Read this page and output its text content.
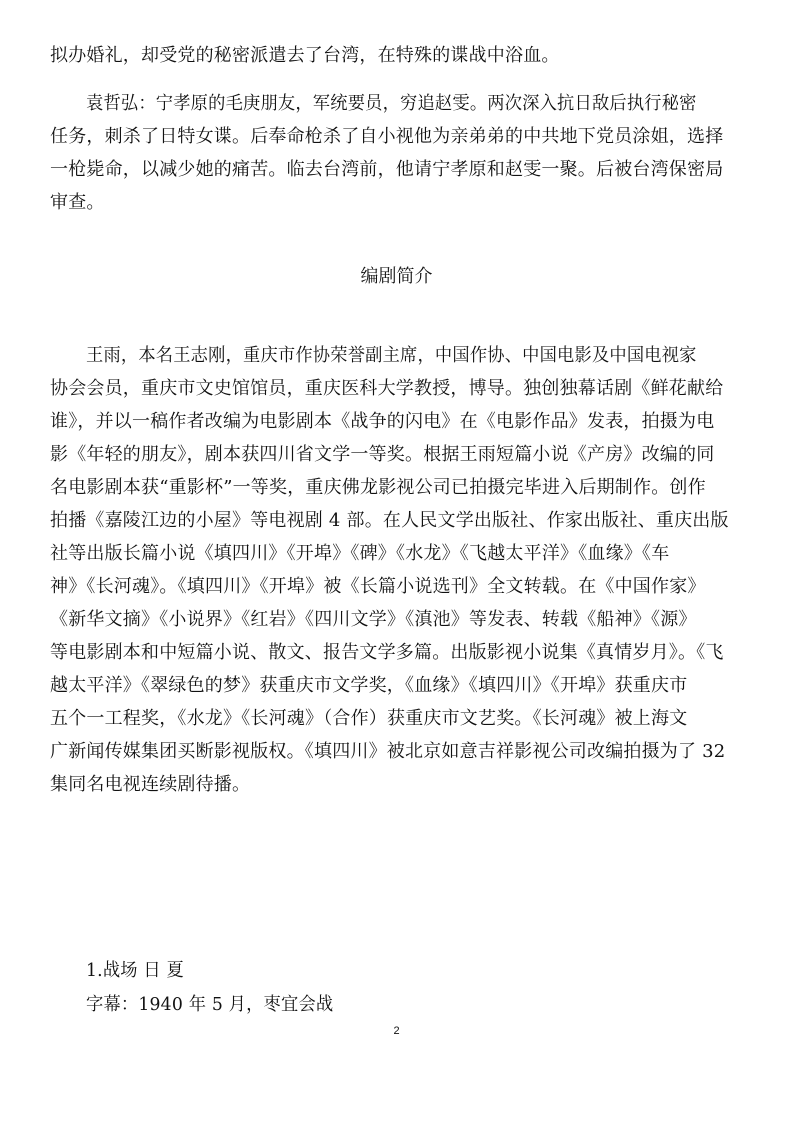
拟办婚礼，却受党的秘密派遣去了台湾，在特殊的谍战中浴血。
袁哲弘：宁孝原的毛庚朋友，军统要员，穷追赵雯。两次深入抗日敌后执行秘密
任务，刺杀了日特女谍。后奉命枪杀了自小视他为亲弟弟的中共地下党员涂姐，选择
一枪毙命，以减少她的痛苦。临去台湾前，他请宁孝原和赵雯一聚。后被台湾保密局
审查。
编剧简介
王雨，本名王志刚，重庆市作协荣誉副主席，中国作协、中国电影及中国电视家
协会会员，重庆市文史馆馆员，重庆医科大学教授，博导。独创独幕话剧《鲜花献给
谁》，并以一稿作者改编为电影剧本《战争的闪电》在《电影作品》发表，拍摄为电
影《年轻的朋友》，剧本获四川省文学一等奖。根据王雨短篇小说《产房》改编的同
名电影剧本获“重影杯”一等奖，重庆佛龙影视公司已拍摄完毕进入后期制作。创作
拍播《嘉陵江边的小屋》等电视剧 4 部。在人民文学出版社、作家出版社、重庆出版
社等出版长篇小说《填四川》《开埠》《碑》《水龙》《飞越太平洋》《血缘》《车
神》《长河魂》。《填四川》《开埠》被《长篇小说选刊》全文转载。在《中国作家》
《新华文摘》《小说界》《红岩》《四川文学》《滇池》等发表、转载《船神》《源》
等电影剧本和中短篇小说、散文、报告文学多篇。出版影视小说集《真情岁月》。《飞
越太平洋》《翠绿色的梦》获重庆市文学奖，《血缘》《填四川》《开埠》获重庆市
五个一工程奖，《水龙》《长河魂》（合作）获重庆市文艺奖。《长河魂》被上海文
广新闻传媒集团买断影视版权。《填四川》被北京如意吉祥影视公司改编拍摄为了 32
集同名电视连续剧待播。
1.战场 日 夏
字幕：1940 年 5 月，枣宜会战
2
